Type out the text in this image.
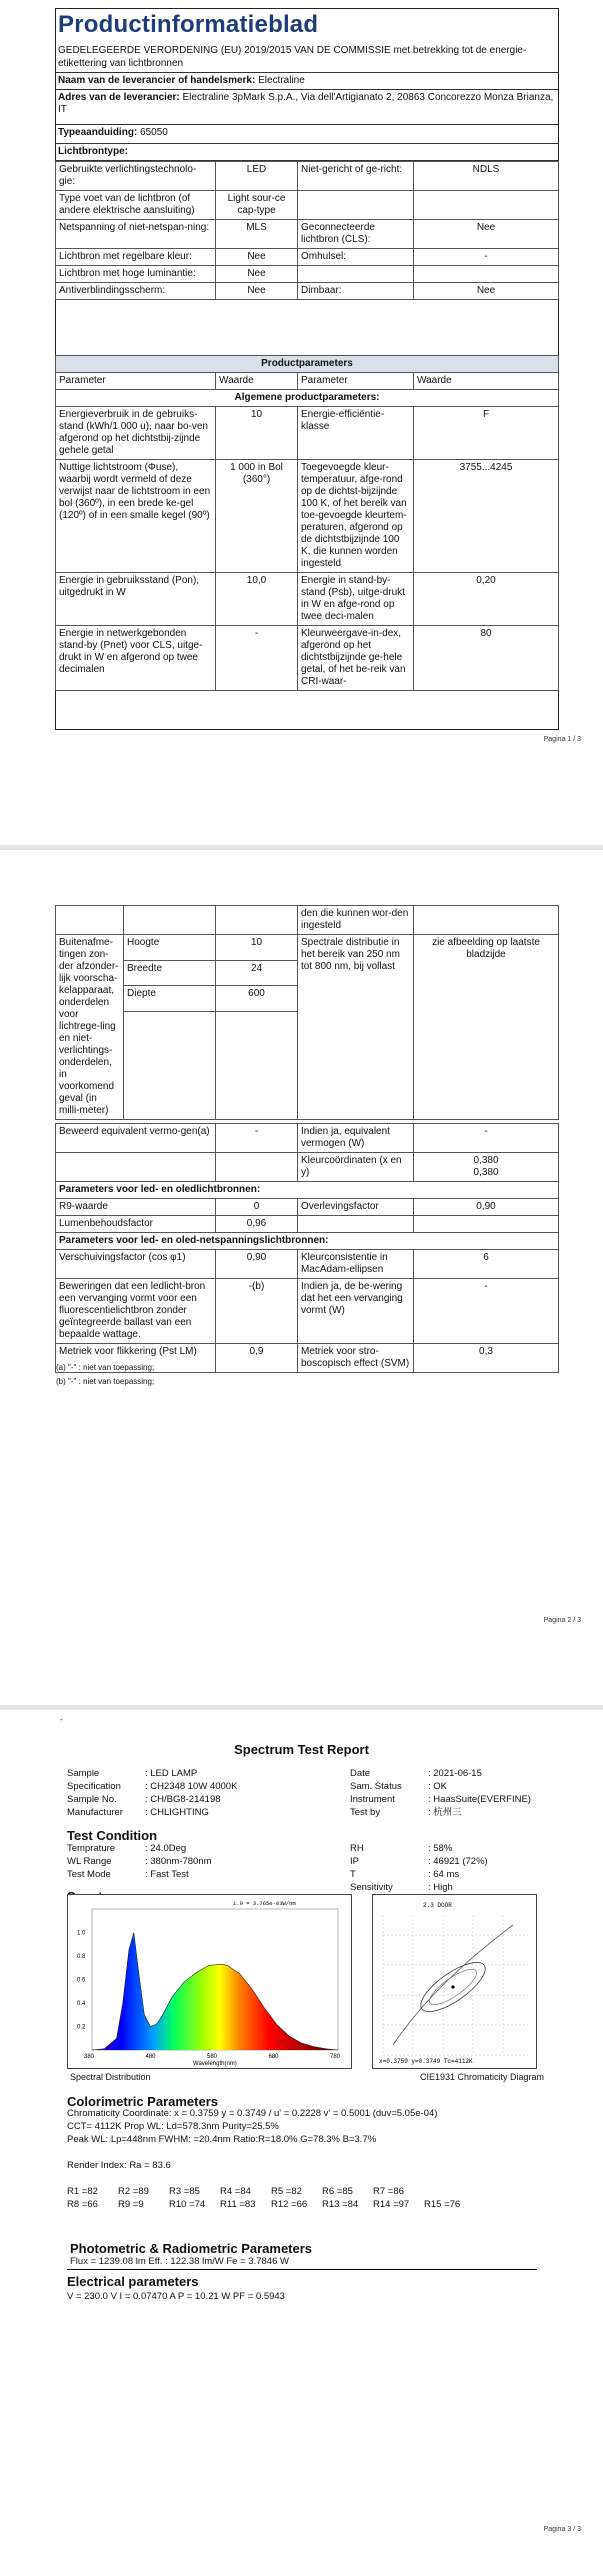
Productinformatieblad
GEDELEGEERDE VERORDENING (EU) 2019/2015 VAN DE COMMISSIE met betrekking tot de energie-etikettering van lichtbronnen
Naam van de leverancier of handelsmerk: Electraline
Adres van de leverancier: Electraline 3pMark S.p.A., Via dell'Artigianato 2, 20863 Concorezzo Monza Brianza, IT
Typeaanduiding: 65050
Lichtbrontype:
Gebruikte verlichtingstechnolo-gie:	LED	Niet-gericht of ge-richt:	NDLS
Type voet van de lichtbron (of andere elektrische aansluiting)	Light sour-ce cap-type		
Netspanning of niet-netspan-ning:	MLS	Geconnecteerde lichtbron (CLS):	Nee
Lichtbron met regelbare kleur:	Nee	Omhulsel:	-
Lichtbron met hoge luminantie:	Nee		
Antiverblindingsscherm:	Nee	Dimbaar:	Nee
Productparameters			
Parameter	Waarde	Parameter	Waarde
Algemene productparameters:			
Energieverbruik in de gebruiks-stand (kWh/1 000 u), naar bo-ven afgerond op het dichtstbij-zijnde gehele getal	10	Energie-efficiëntie-klasse	F
Nuttige lichtstroom (Φuse), waarbij wordt vermeld of deze verwijst naar de lichtstroom in een bol (360º), in een brede ke-gel (120º) of in een smalle kegel (90º)	1 000 in Bol (360°)	Toegevoegde kleur-temperatuur, afge-rond op de dichtst-bijzijnde 100 K, of het bereik van toe-gevoegde kleurtem-peraturen, afgerond op de dichtstbijzijnde 100 K, die kunnen worden ingesteld	3755...4245
Energie in gebruiksstand (Pon), uitgedrukt in W	10,0	Energie in stand-by-stand (Psb), uitge-drukt in W en afge-rond op twee deci-malen	0,20
Energie in netwerkgebonden stand-by (Pnet) voor CLS, uitge-drukt in W en afgerond op twee decimalen	-	Kleurweergave-in-dex, afgerond op het dichtstbijzijnde ge-hele getal, of het be-reik van CRI-waar-	80
Pagina 1 / 3
			den die kunnen wor-den ingesteld	
Buitenafme-tingen zon-der afzonder-lijk voorscha-kelapparaat, onderdelen voor lichtrege-ling en niet-verlichtings-onderdelen, in voorkomend geval (in milli-meter)	Hoogte	10	Spectrale distributie in het bereik van 250 nm tot 800 nm, bij vollast	zie afbeelding op laatste bladzijde
	Breedte	24		
	Diepte	600		

Beweerd equivalent vermo-gen(a)	-	Indien ja, equivalent vermogen (W)	-
		Kleurcoördinaten (x en y)	0,380
0,380
Parameters voor led- en oledlichtbronnen:			
R9-waarde	0	Overlevingsfactor	0,90
Lumenbehoudsfactor	0,96		
Parameters voor led- en oled-netspanningslichtbronnen:			
Verschuivingsfactor (cos φ1)	0,90	Kleurconsistentie in MacAdam-ellipsen	6
Beweringen dat een ledlicht-bron een vervanging vormt voor een fluorescentielichtbron zonder geïntegreerde ballast van een bepaalde wattage.	-(b)	Indien ja, de be-wering dat het een vervanging vormt (W)	-
Metriek voor flikkering (Pst LM)	0,9	Metriek voor stro-boscopisch effect (SVM)	0,3
(a) "-" : niet van toepassing;
(b) "-" : niet van toepassing;
Pagina 2 / 3
-
Spectrum Test Report
Sample	: LED LAMP
Specification	: CH2348 10W 4000K
Sample No.	: CH/BG8-214198
Manufacturer : CHLIGHTING
Date	: 2021-06-15
Sam. Status	: OK
Instrument	: HaasSuite(EVERFINE)
Test by	: 杭州三
Test Condition
Temprature	: 24.0Deg
WL Range	: 380nm-780nm
Test Mode	: Fast Test
RH	: 58%
IP	: 46921 (72%)
T	: 64 ms
Sensitivity	: High
380	480	580	680	780
1.0
0.8
0.6
0.4
0.2
Wavelength(nm)
1.0 = 3.765e-03W/nm	2.3 DOOR
x=0.3759 y=0.3749 Tc=4112K
Spectral Distribution	CIE1931 Chromaticity Diagram
Colorimetric Parameters
Chromaticity Coordinate: x = 0.3759 y = 0.3749 / u' = 0.2228 v' = 0.5001 (duv=5.05e-04)
CCT= 4112K Prop WL: Ld=578.3nm Purity=25.5%
Peak WL: Lp=448nm FWHM: =20.4nm Ratio:R=18.0% G=78.3% B=3.7%

Render Index: Ra = 83.6
R1 =82 R2 =89 R3 =85 R4 =84 R5 =82 R6 =85 R7 =86
R8 =66 R9 =9	R10 =74 R11 =83 R12 =66 R13 =84 R14 =97 R15 =76
Photometric & Radiometric Parameters
Flux = 1239.08 lm Eff. : 122.38 lm/W Fe = 3.7846 W
Electrical parameters
V = 230.0 V I = 0.07470 A P = 10.21 W PF = 0.5943
Pagina 3 / 3
